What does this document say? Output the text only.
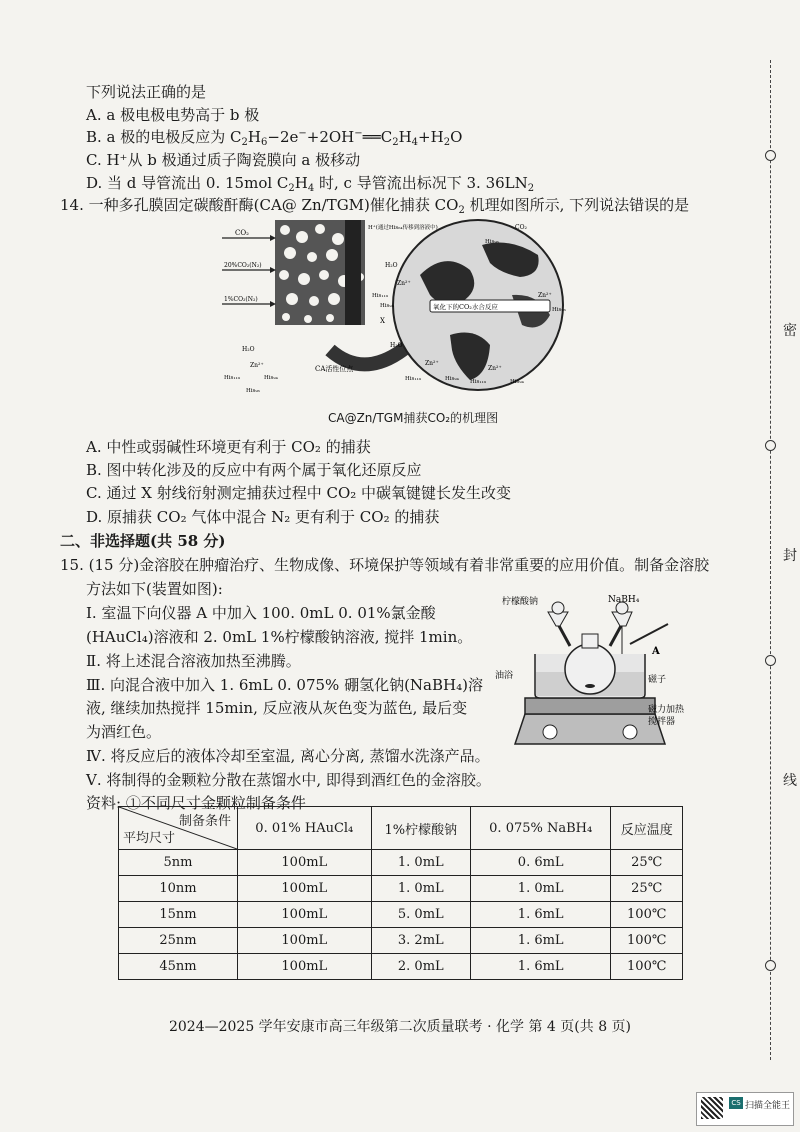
下列说法正确的是
A. a 极电极电势高于 b 极
B. a 极的电极反应为 $C_2H_6-2e^-+2OH^-══C_2H_4+H_2O$
C. H⁺从 b 极通过质子陶瓷膜向 a 极移动
D. 当 d 导管流出 0. 15mol $C_2H_4$ 时, c 导管流出标况下 3. $36LN_2$
14. 一种多孔膜固定碳酸酐酶(CA@ Zn/TGM)催化捕获 $CO_2$ 机理如图所示, 下列说法错误的是
CO₂
20%CO₂(N₂)
1%CO₂(N₂)
氧化下的CO₂水合反应
H⁺(通过His₆₄传移到溶液中)
H₂O
Zn²⁺
His₁₁₉
His₉₄
CO₂
His₉₆
Zn²⁺
His₉₆
X
H₂O
H₂O
Zn²⁺
His₁₁₉	His₉₄
His₉₆
CA活性位点
Zn²⁺
His₁₁₉	His₉₄
Zn²⁺
His₁₁₉	His₉₄
CA@Zn/TGM捕获CO₂的机理图
A. 中性或弱碱性环境更有利于 CO₂ 的捕获
B. 图中转化涉及的反应中有两个属于氧化还原反应
C. 通过 X 射线衍射测定捕获过程中 CO₂ 中碳氧键键长发生改变
D. 原捕获 CO₂ 气体中混合 N₂ 更有利于 CO₂ 的捕获
二、非选择题(共 58 分)
15. (15 分)金溶胶在肿瘤治疗、生物成像、环境保护等领域有着非常重要的应用价值。制备金溶胶
方法如下(装置如图):
Ⅰ. 室温下向仪器 A 中加入 100. 0mL 0. 01%氯金酸
(HAuCl₄)溶液和 2. 0mL 1%柠檬酸钠溶液, 搅拌 1min。
Ⅱ. 将上述混合溶液加热至沸腾。
Ⅲ. 向混合液中加入 1. 6mL 0. 075% 硼氢化钠(NaBH₄)溶
液, 继续加热搅拌 15min, 反应液从灰色变为蓝色, 最后变
为酒红色。
Ⅳ. 将反应后的液体冷却至室温, 离心分离, 蒸馏水洗涤产品。
Ⅴ. 将制得的金颗粒分散在蒸馏水中, 即得到酒红色的金溶胶。
资料: ①不同尺寸金颗粒制备条件
柠檬酸钠	NaBH₄
油浴
A
磁子
磁力加热
搅拌器
制备条件
平均尺寸	0. 01% HAuCl₄	1%柠檬酸钠	0. 075% NaBH₄	反应温度
5nm	100mL	1. 0mL	0. 6mL	25℃
10nm	100mL	1. 0mL	1. 0mL	25℃
15nm	100mL	5. 0mL	1. 6mL	100℃
25nm	100mL	3. 2mL	1. 6mL	100℃
45nm	100mL	2. 0mL	1. 6mL	100℃
2024—2025 学年安康市高三年级第二次质量联考 · 化学 第 4 页(共 8 页)
密
封
线
CS 扫描全能王
